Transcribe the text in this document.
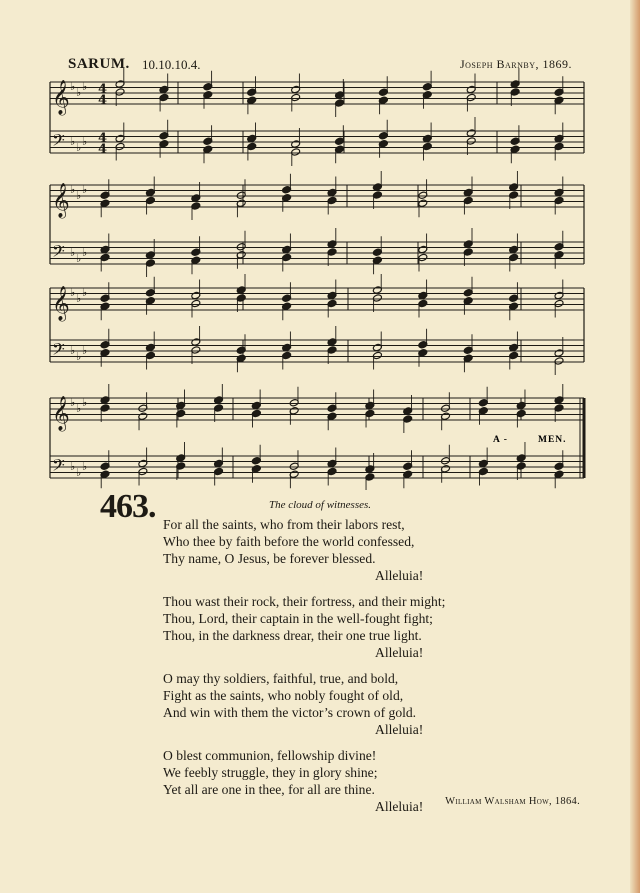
SARUM. 10.10.10.4.	Joseph Barnby, 1869.
𝄞 ♭ ♭ ♭
𝄢 ♭ ♭ ♭
𝄞 ♭ ♭ ♭
𝄢 ♭ ♭ ♭
𝄞 ♭ ♭ ♭
𝄢 ♭ ♭ ♭
𝄞 ♭ ♭ ♭
𝄢 ♭ ♭ ♭
4
4
4
4
A -	MEN.
463.	The cloud of witnesses.
For all the saints, who from their labors rest,
Who thee by faith before the world confessed,
Thy name, O Jesus, be forever blessed.
Alleluia!
Thou wast their rock, their fortress, and their might;
Thou, Lord, their captain in the well-fought fight;
Thou, in the darkness drear, their one true light.
Alleluia!
O may thy soldiers, faithful, true, and bold,
Fight as the saints, who nobly fought of old,
And win with them the victor’s crown of gold.
Alleluia!
O blest communion, fellowship divine!
We feebly struggle, they in glory shine;
Yet all are one in thee, for all are thine.
Alleluia!	William Walsham How, 1864.
